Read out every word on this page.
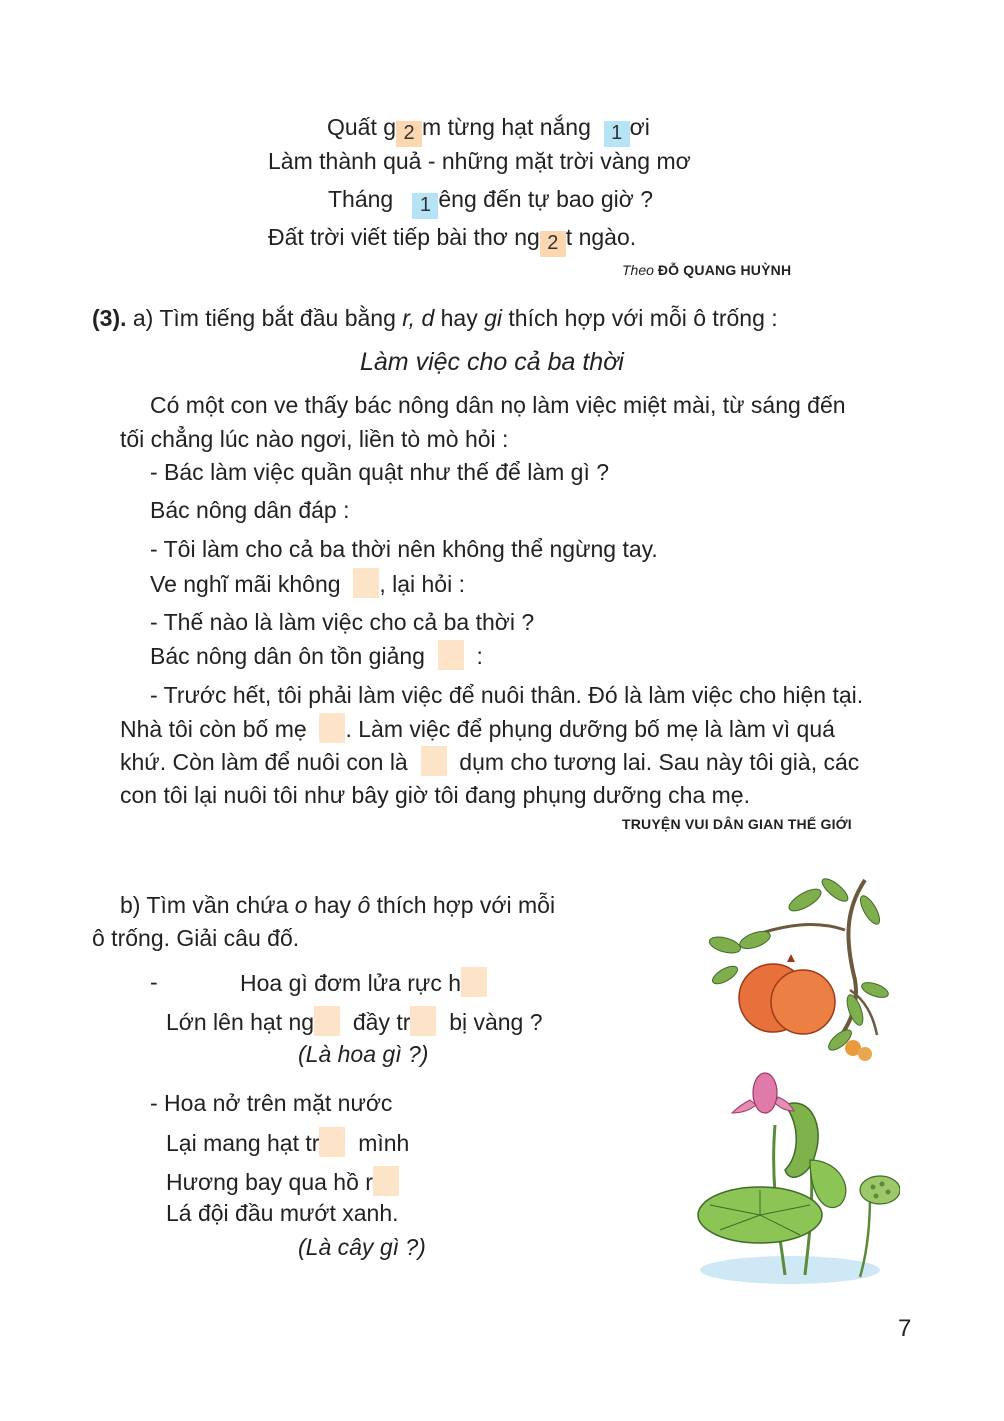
Quất g 2 m từng hạt nắng 1 ơi
Làm thành quả - những mặt trời vàng mơ
Tháng 1 êng đến tự bao giờ ?
Đất trời viết tiếp bài thơ ng 2 t ngào.
Theo ĐỖ QUANG HUỲNH
(3). a) Tìm tiếng bắt đầu bằng r, d hay gi thích hợp với mỗi ô trống :
Làm việc cho cả ba thời
Có một con ve thấy bác nông dân nọ làm việc miệt mài, từ sáng đến
tối chẳng lúc nào ngơi, liền tò mò hỏi :
- Bác làm việc quần quật như thế để làm gì ?
Bác nông dân đáp :
- Tôi làm cho cả ba thời nên không thể ngừng tay.
Ve nghĩ mãi không , lại hỏi :
- Thế nào là làm việc cho cả ba thời ?
Bác nông dân ôn tồn giảng :
- Trước hết, tôi phải làm việc để nuôi thân. Đó là làm việc cho hiện tại.
Nhà tôi còn bố mẹ . Làm việc để phụng dưỡng bố mẹ là làm vì quá
khứ. Còn làm để nuôi con là dụm cho tương lai. Sau này tôi già, các
con tôi lại nuôi tôi như bây giờ tôi đang phụng dưỡng cha mẹ.
TRUYỆN VUI DÂN GIAN THẾ GIỚI
b) Tìm vần chứa o hay ô thích hợp với mỗi
ô trống. Giải câu đố.
-	Hoa gì đơm lửa rực h
Lớn lên hạt ng đầy tr bị vàng ?
(Là hoa gì ?)
- Hoa nở trên mặt nước
Lại mang hạt tr mình
Hương bay qua hồ r
Lá đội đầu mướt xanh.
(Là cây gì ?)
7
